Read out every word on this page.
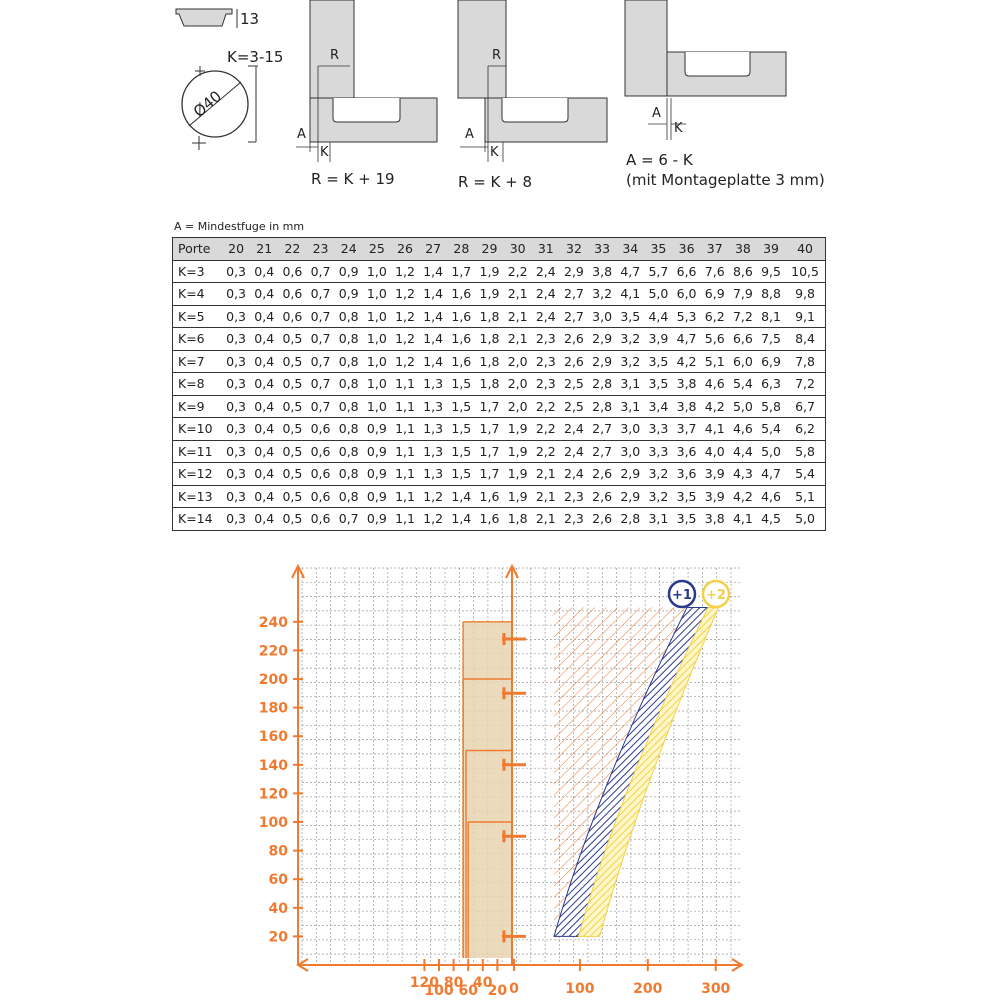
13
K=3-15
Ø40
R
A
K
R = K + 19
R
A
K
R = K + 8
A
K
A = 6 - K
(mit Montageplatte 3 mm)
A = Mindestfuge in mm
Porte	20	21	22	23	24	25	26	27	28	29	30	31	32	33	34	35	36	37	38	39	40
K=3	0,3	0,4	0,6	0,7	0,9	1,0	1,2	1,4	1,7	1,9	2,2	2,4	2,9	3,8	4,7	5,7	6,6	7,6	8,6	9,5	10,5
K=4	0,3	0,4	0,6	0,7	0,9	1,0	1,2	1,4	1,6	1,9	2,1	2,4	2,7	3,2	4,1	5,0	6,0	6,9	7,9	8,8	9,8
K=5	0,3	0,4	0,6	0,7	0,8	1,0	1,2	1,4	1,6	1,8	2,1	2,4	2,7	3,0	3,5	4,4	5,3	6,2	7,2	8,1	9,1
K=6	0,3	0,4	0,5	0,7	0,8	1,0	1,2	1,4	1,6	1,8	2,1	2,3	2,6	2,9	3,2	3,9	4,7	5,6	6,6	7,5	8,4
K=7	0,3	0,4	0,5	0,7	0,8	1,0	1,2	1,4	1,6	1,8	2,0	2,3	2,6	2,9	3,2	3,5	4,2	5,1	6,0	6,9	7,8
K=8	0,3	0,4	0,5	0,7	0,8	1,0	1,1	1,3	1,5	1,8	2,0	2,3	2,5	2,8	3,1	3,5	3,8	4,6	5,4	6,3	7,2
K=9	0,3	0,4	0,5	0,7	0,8	1,0	1,1	1,3	1,5	1,7	2,0	2,2	2,5	2,8	3,1	3,4	3,8	4,2	5,0	5,8	6,7
K=10	0,3	0,4	0,5	0,6	0,8	0,9	1,1	1,3	1,5	1,7	1,9	2,2	2,4	2,7	3,0	3,3	3,7	4,1	4,6	5,4	6,2
K=11	0,3	0,4	0,5	0,6	0,8	0,9	1,1	1,3	1,5	1,7	1,9	2,2	2,4	2,7	3,0	3,3	3,6	4,0	4,4	5,0	5,8
K=12	0,3	0,4	0,5	0,6	0,8	0,9	1,1	1,3	1,5	1,7	1,9	2,1	2,4	2,6	2,9	3,2	3,6	3,9	4,3	4,7	5,4
K=13	0,3	0,4	0,5	0,6	0,8	0,9	1,1	1,2	1,4	1,6	1,9	2,1	2,3	2,6	2,9	3,2	3,5	3,9	4,2	4,6	5,1
K=14	0,3	0,4	0,5	0,6	0,7	0,9	1,1	1,2	1,4	1,6	1,8	2,1	2,3	2,6	2,8	3,1	3,5	3,8	4,1	4,5	5,0
20
40
60
80
100
120
140
160
180
200
220
240
120
100
80
60
40
20 0	100	200	300
+1 +2
